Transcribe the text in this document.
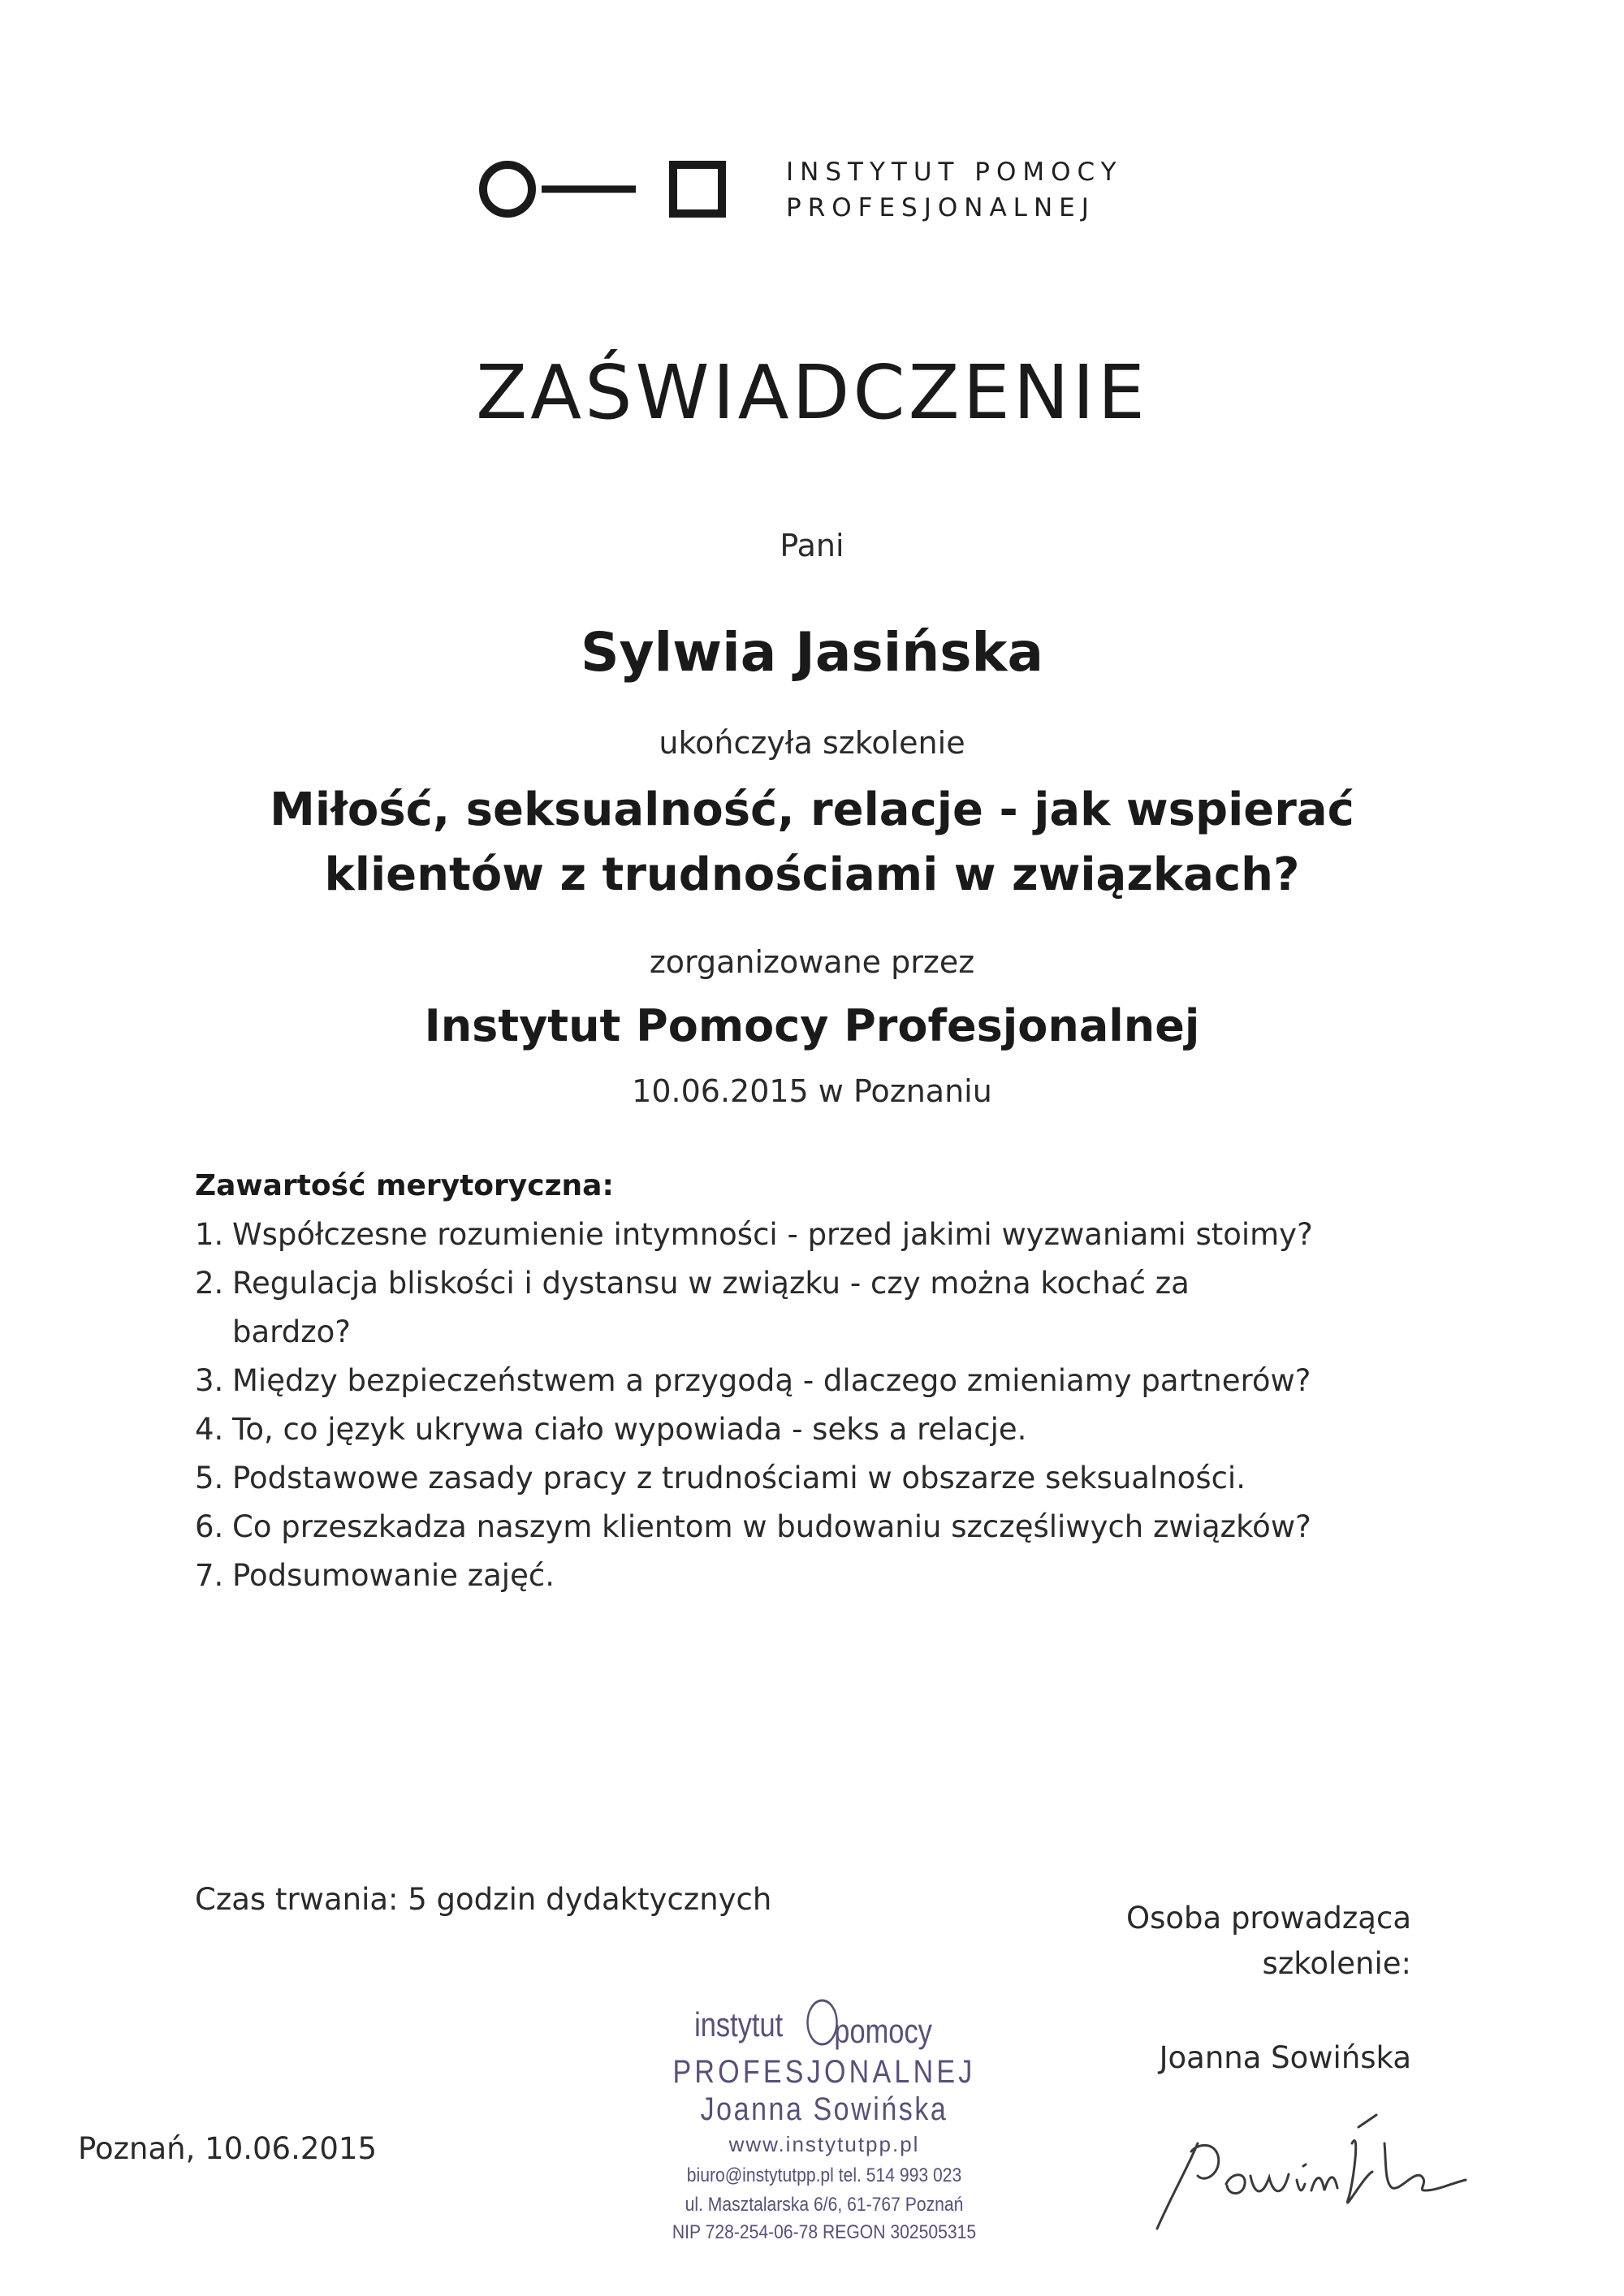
INSTYTUT POMOCY
PROFESJONALNEJ
ZAŚWIADCZENIE
Pani
Sylwia Jasińska
ukończyła szkolenie
Miłość, seksualność, relacje - jak wspierać
klientów z trudnościami w związkach?
zorganizowane przez
Instytut Pomocy Profesjonalnej
10.06.2015 w Poznaniu
Zawartość merytoryczna:
1. Współczesne rozumienie intymności - przed jakimi wyzwaniami stoimy?
2. Regulacja bliskości i dystansu w związku - czy można kochać za bardzo?
3. Między bezpieczeństwem a przygodą - dlaczego zmieniamy partnerów?
4. To, co język ukrywa ciało wypowiada - seks a relacje.
5. Podstawowe zasady pracy z trudnościami w obszarze seksualności.
6. Co przeszkadza naszym klientom w budowaniu szczęśliwych związków?
7. Podsumowanie zajęć.
Czas trwania: 5 godzin dydaktycznych
Osoba prowadząca
szkolenie:
Joanna Sowińska
Poznań, 10.06.2015
instytut pomocy
PROFESJONALNEJ
Joanna Sowińska
www.instytutpp.pl
biuro@instytutpp.pl tel. 514 993 023
ul. Masztalarska 6/6, 61-767 Poznań
NIP 728-254-06-78 REGON 302505315
